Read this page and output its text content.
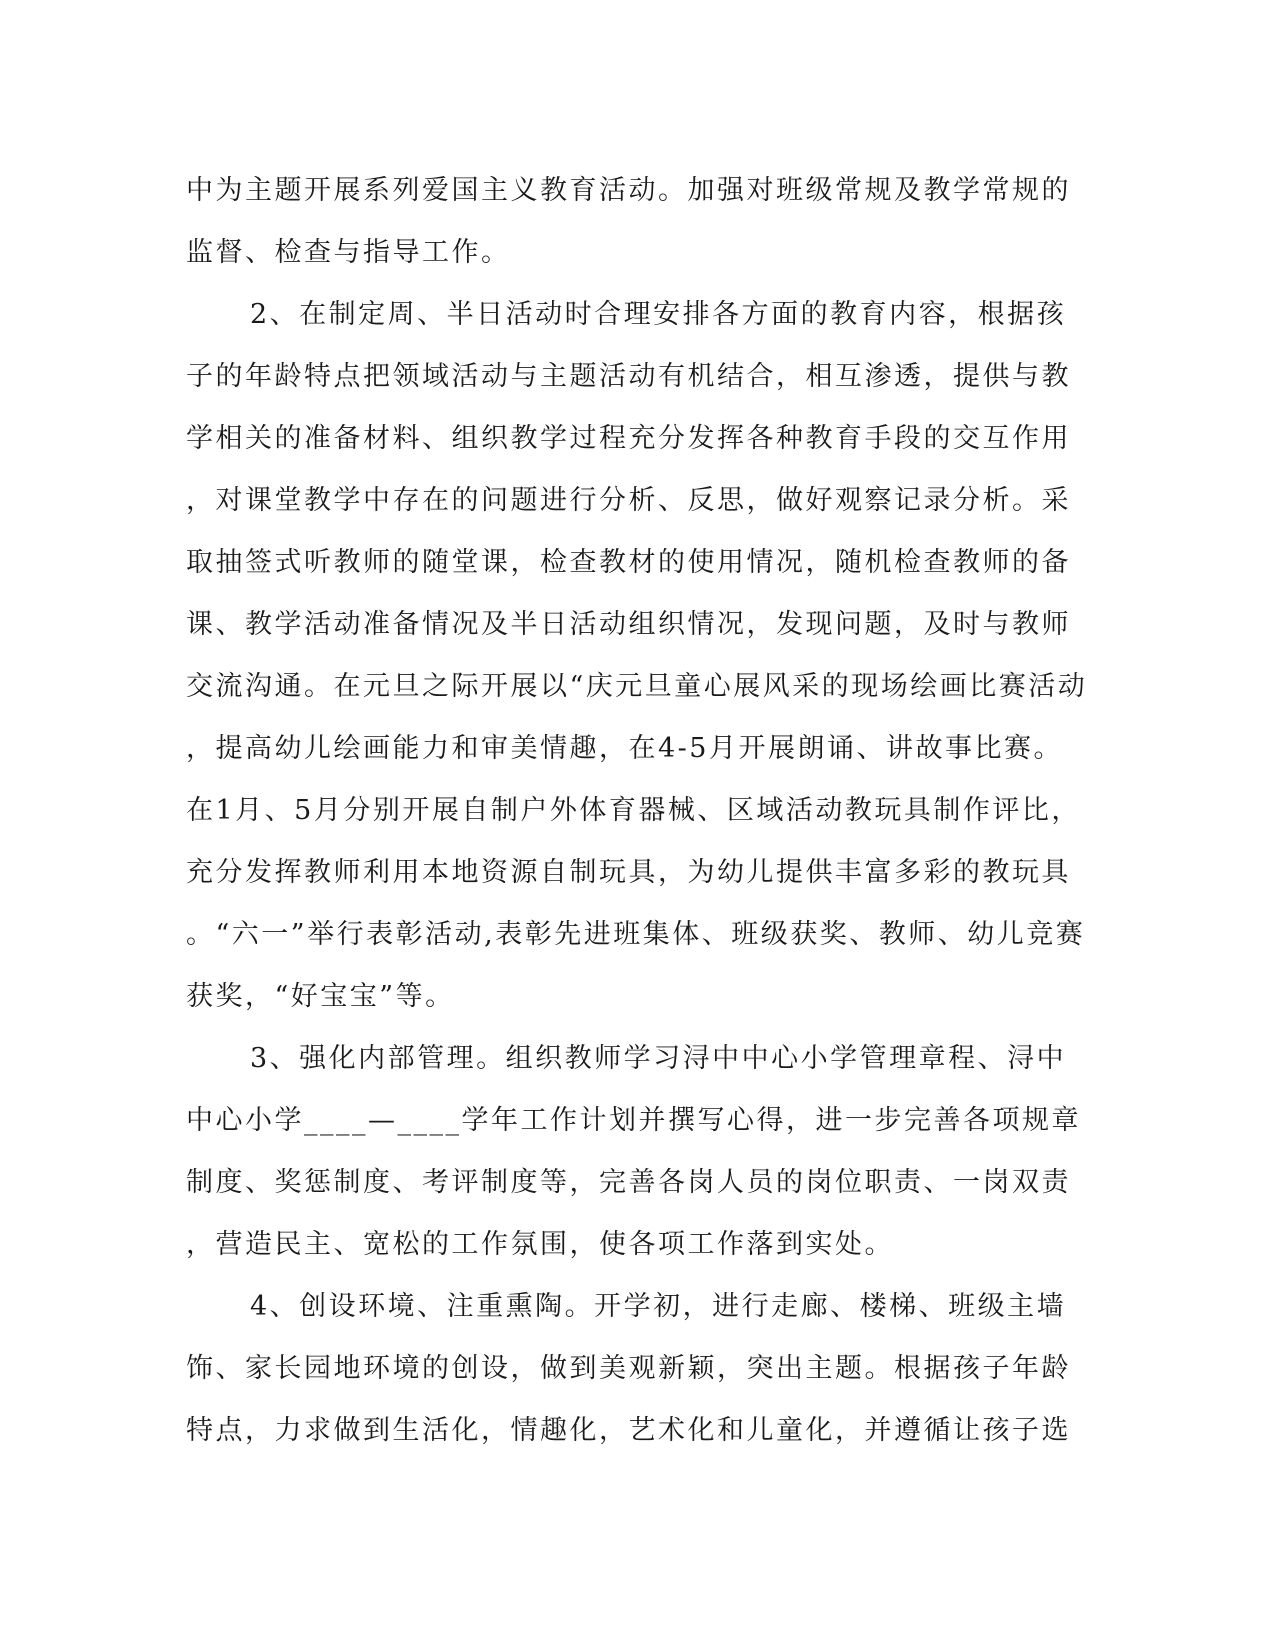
中为主题开展系列爱国主义教育活动。加强对班级常规及教学常规的
监督、检查与指导工作。
2、在制定周、半日活动时合理安排各方面的教育内容，根据孩
子的年龄特点把领域活动与主题活动有机结合，相互渗透，提供与教
学相关的准备材料、组织教学过程充分发挥各种教育手段的交互作用
，对课堂教学中存在的问题进行分析、反思，做好观察记录分析。采
取抽签式听教师的随堂课，检查教材的使用情况，随机检查教师的备
课、教学活动准备情况及半日活动组织情况，发现问题，及时与教师
交流沟通。在元旦之际开展以“庆元旦童心展风采的现场绘画比赛活动
，提高幼儿绘画能力和审美情趣，在4-5月开展朗诵、讲故事比赛。
在1月、5月分别开展自制户外体育器械、区域活动教玩具制作评比，
充分发挥教师利用本地资源自制玩具，为幼儿提供丰富多彩的教玩具
。“六一”举行表彰活动,表彰先进班集体、班级获奖、教师、幼儿竞赛
获奖，“好宝宝”等。
3、强化内部管理。组织教师学习浔中中心小学管理章程、浔中
中心小学____—____学年工作计划并撰写心得，进一步完善各项规章
制度、奖惩制度、考评制度等，完善各岗人员的岗位职责、一岗双责
，营造民主、宽松的工作氛围，使各项工作落到实处。
4、创设环境、注重熏陶。开学初，进行走廊、楼梯、班级主墙
饰、家长园地环境的创设，做到美观新颖，突出主题。根据孩子年龄
特点，力求做到生活化，情趣化，艺术化和儿童化，并遵循让孩子选
